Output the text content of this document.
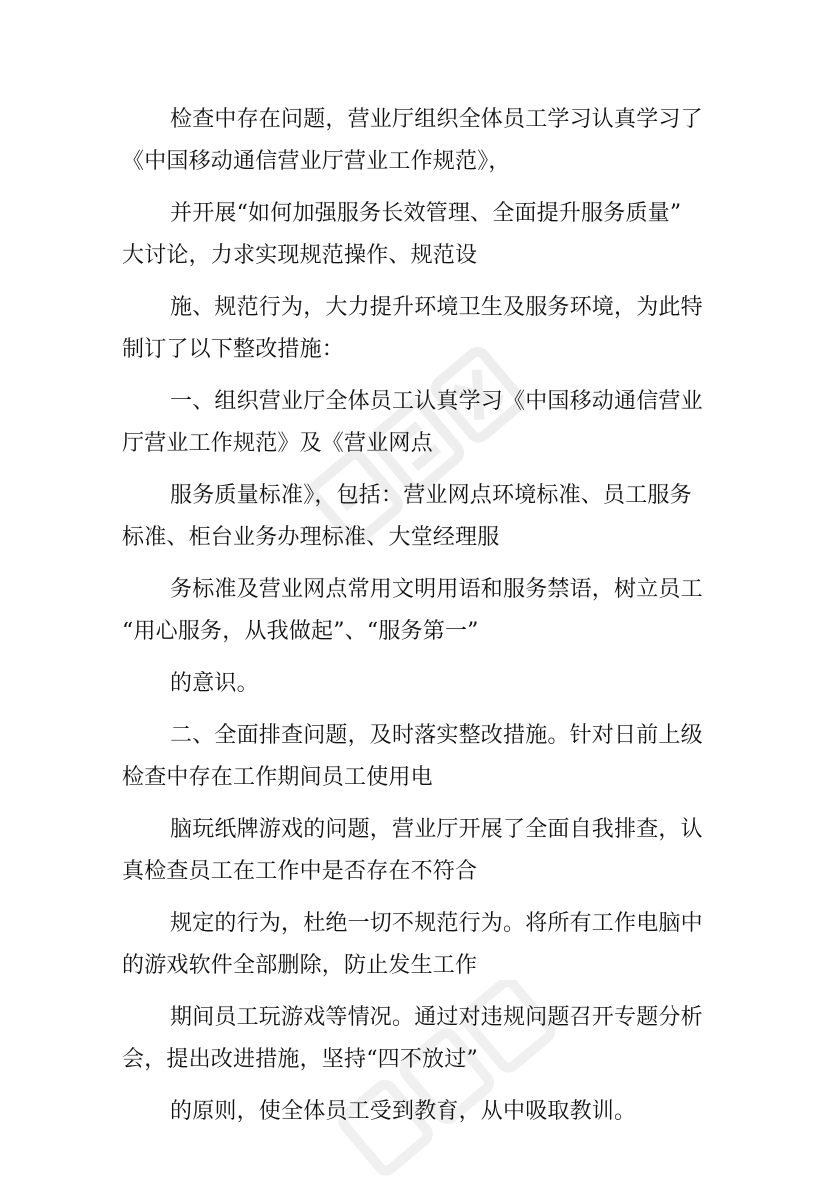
检查中存在问题，营业厅组织全体员工学习认真学习了
《中国移动通信营业厅营业工作规范》，
并开展“如何加强服务长效管理、全面提升服务质量”
大讨论，力求实现规范操作、规范设
施、规范行为，大力提升环境卫生及服务环境，为此特
制订了以下整改措施：
一、组织营业厅全体员工认真学习《中国移动通信营业
厅营业工作规范》及《营业网点
服务质量标准》，包括：营业网点环境标准、员工服务
标准、柜台业务办理标准、大堂经理服
务标准及营业网点常用文明用语和服务禁语，树立员工
“用心服务，从我做起”、“服务第一”
的意识。
二、全面排查问题，及时落实整改措施。针对日前上级
检查中存在工作期间员工使用电
脑玩纸牌游戏的问题，营业厅开展了全面自我排查，认
真检查员工在工作中是否存在不符合
规定的行为，杜绝一切不规范行为。将所有工作电脑中
的游戏软件全部删除，防止发生工作
期间员工玩游戏等情况。通过对违规问题召开专题分析
会，提出改进措施，坚持“四不放过”
的原则，使全体员工受到教育，从中吸取教训。
